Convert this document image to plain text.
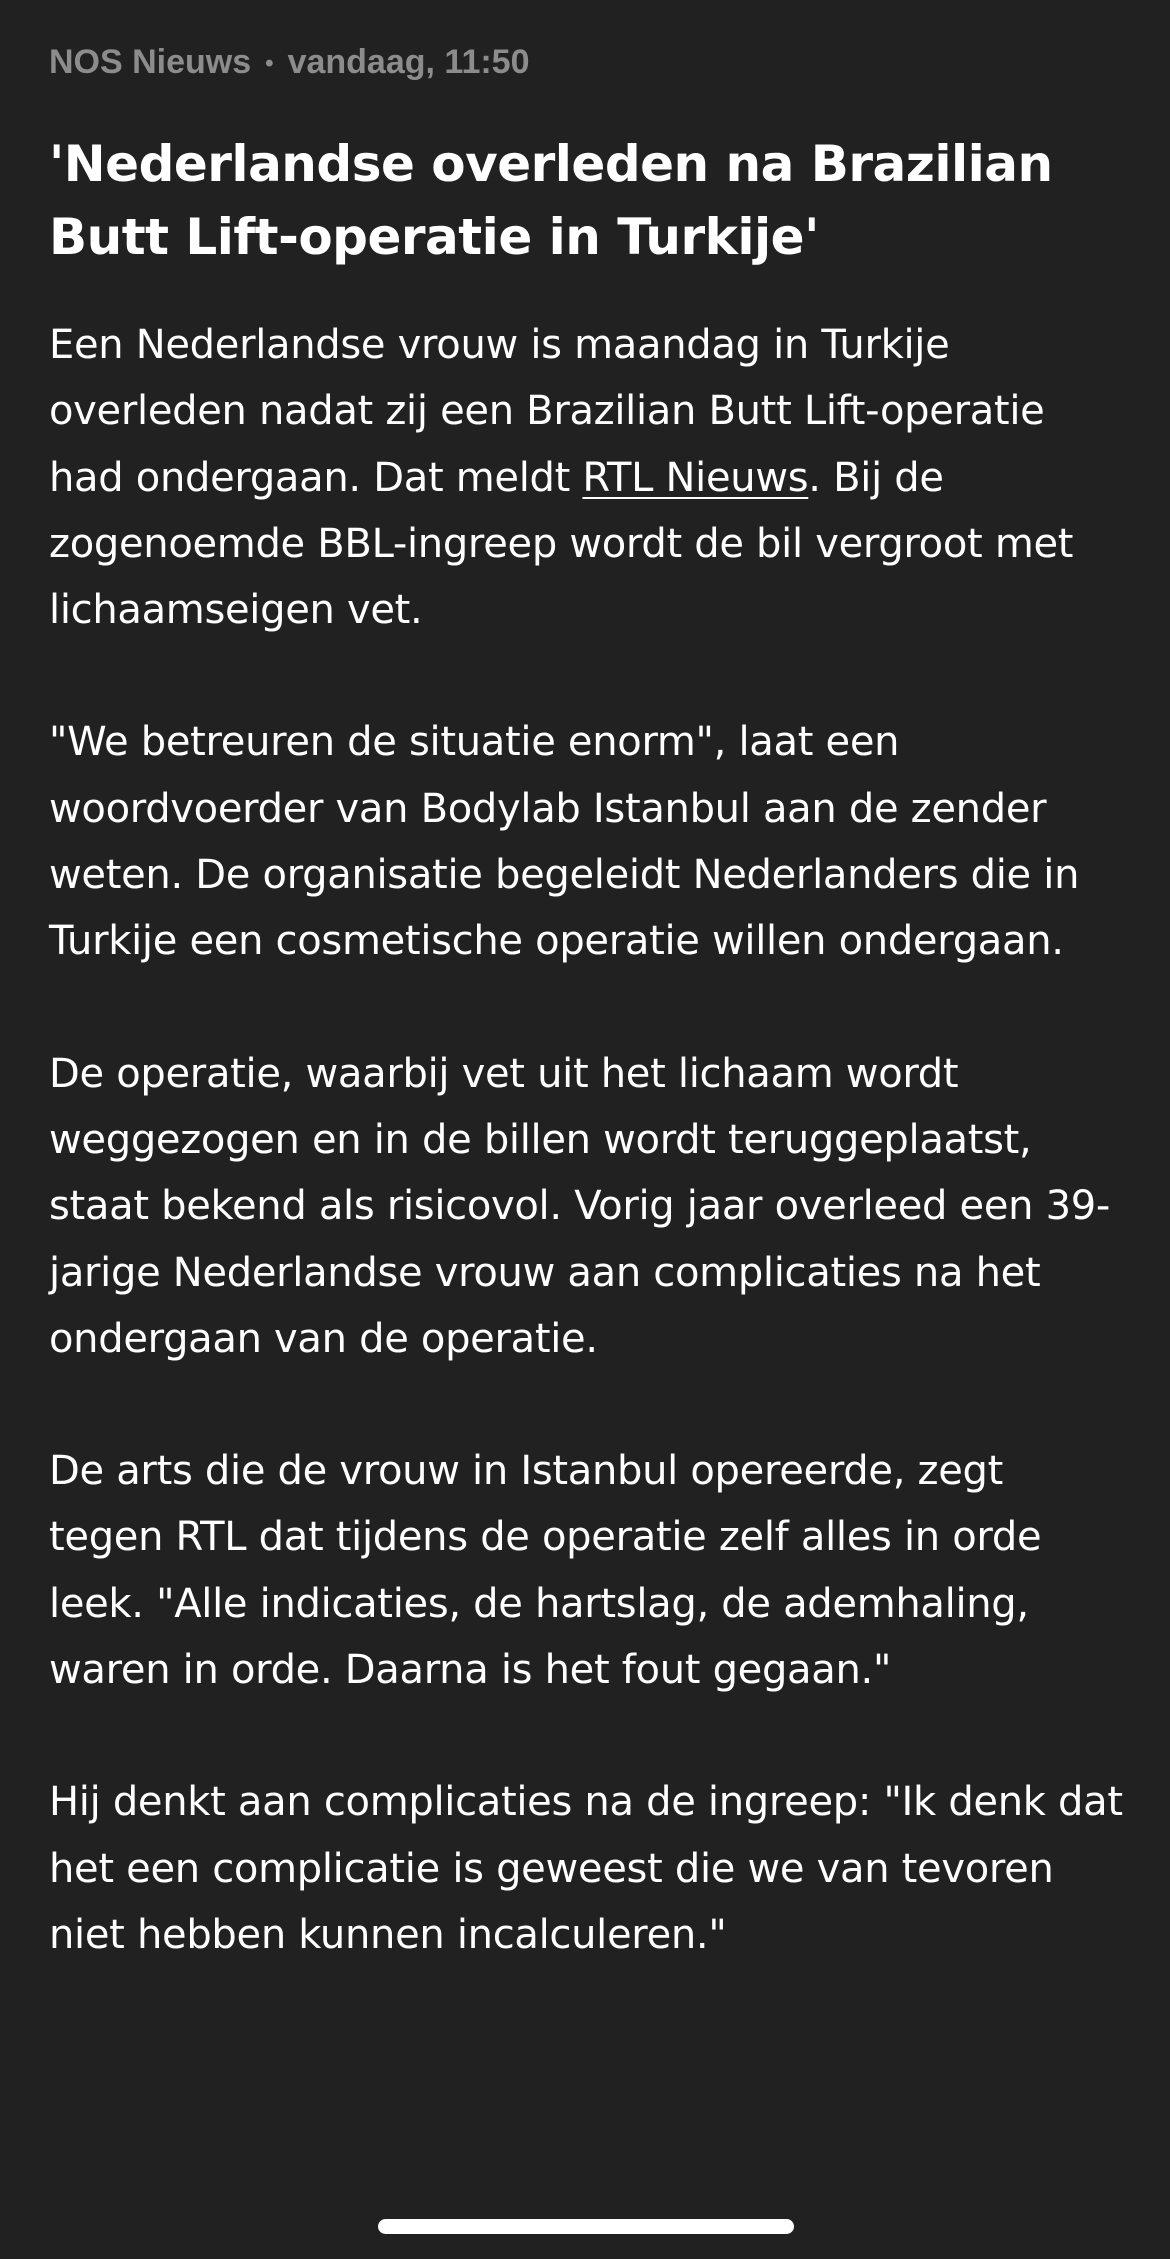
NOS Nieuws • vandaag, 11:50
'Nederlandse overleden na Brazilian Butt Lift-operatie in Turkije'

Een Nederlandse vrouw is maandag in Turkije overleden nadat zij een Brazilian Butt Lift-operatie had ondergaan. Dat meldt RTL Nieuws. Bij de zogenoemde BBL-ingreep wordt de bil vergroot met lichaamseigen vet.

"We betreuren de situatie enorm", laat een woordvoerder van Bodylab Istanbul aan de zender weten. De organisatie begeleidt Nederlanders die in Turkije een cosmetische operatie willen ondergaan.

De operatie, waarbij vet uit het lichaam wordt weggezogen en in de billen wordt teruggeplaatst, staat bekend als risicovol. Vorig jaar overleed een 39-jarige Nederlandse vrouw aan complicaties na het ondergaan van de operatie.

De arts die de vrouw in Istanbul opereerde, zegt tegen RTL dat tijdens de operatie zelf alles in orde leek. "Alle indicaties, de hartslag, de ademhaling, waren in orde. Daarna is het fout gegaan."

Hij denkt aan complicaties na de ingreep: "Ik denk dat het een complicatie is geweest die we van tevoren niet hebben kunnen incalculeren."
